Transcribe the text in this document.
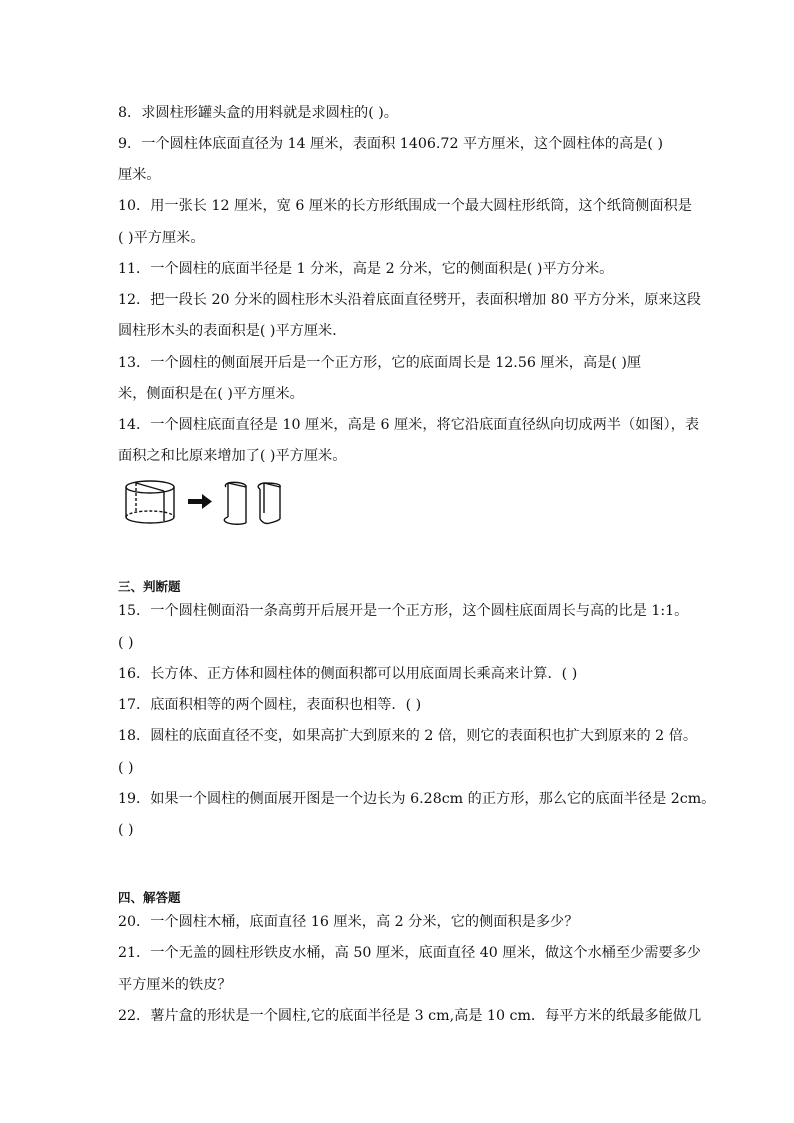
8．求圆柱形罐头盒的用料就是求圆柱的( )。
9．一个圆柱体底面直径为 14 厘米，表面积 1406.72 平方厘米，这个圆柱体的高是( )
厘米。
10．用一张长 12 厘米，宽 6 厘米的长方形纸围成一个最大圆柱形纸筒，这个纸筒侧面积是
( )平方厘米。
11．一个圆柱的底面半径是 1 分米，高是 2 分米，它的侧面积是( )平方分米。
12．把一段长 20 分米的圆柱形木头沿着底面直径劈开，表面积增加 80 平方分米，原来这段
圆柱形木头的表面积是( )平方厘米．
13．一个圆柱的侧面展开后是一个正方形，它的底面周长是 12.56 厘米，高是( )厘
米，侧面积是在( )平方厘米。
14．一个圆柱底面直径是 10 厘米，高是 6 厘米，将它沿底面直径纵向切成两半（如图），表
面积之和比原来增加了( )平方厘米。
三、判断题
15．一个圆柱侧面沿一条高剪开后展开是一个正方形，这个圆柱底面周长与高的比是 1:1。
( )
16．长方体、正方体和圆柱体的侧面积都可以用底面周长乘高来计算．( )
17．底面积相等的两个圆柱，表面积也相等．( )
18．圆柱的底面直径不变，如果高扩大到原来的 2 倍，则它的表面积也扩大到原来的 2 倍。
( )
19．如果一个圆柱的侧面展开图是一个边长为 6.28cm 的正方形，那么它的底面半径是 2cm。
( )
四、解答题
20．一个圆柱木桶，底面直径 16 厘米，高 2 分米，它的侧面积是多少？
21．一个无盖的圆柱形铁皮水桶，高 50 厘米，底面直径 40 厘米，做这个水桶至少需要多少
平方厘米的铁皮？
22．薯片盒的形状是一个圆柱,它的底面半径是 3 cm,高是 10 cm．每平方米的纸最多能做几
